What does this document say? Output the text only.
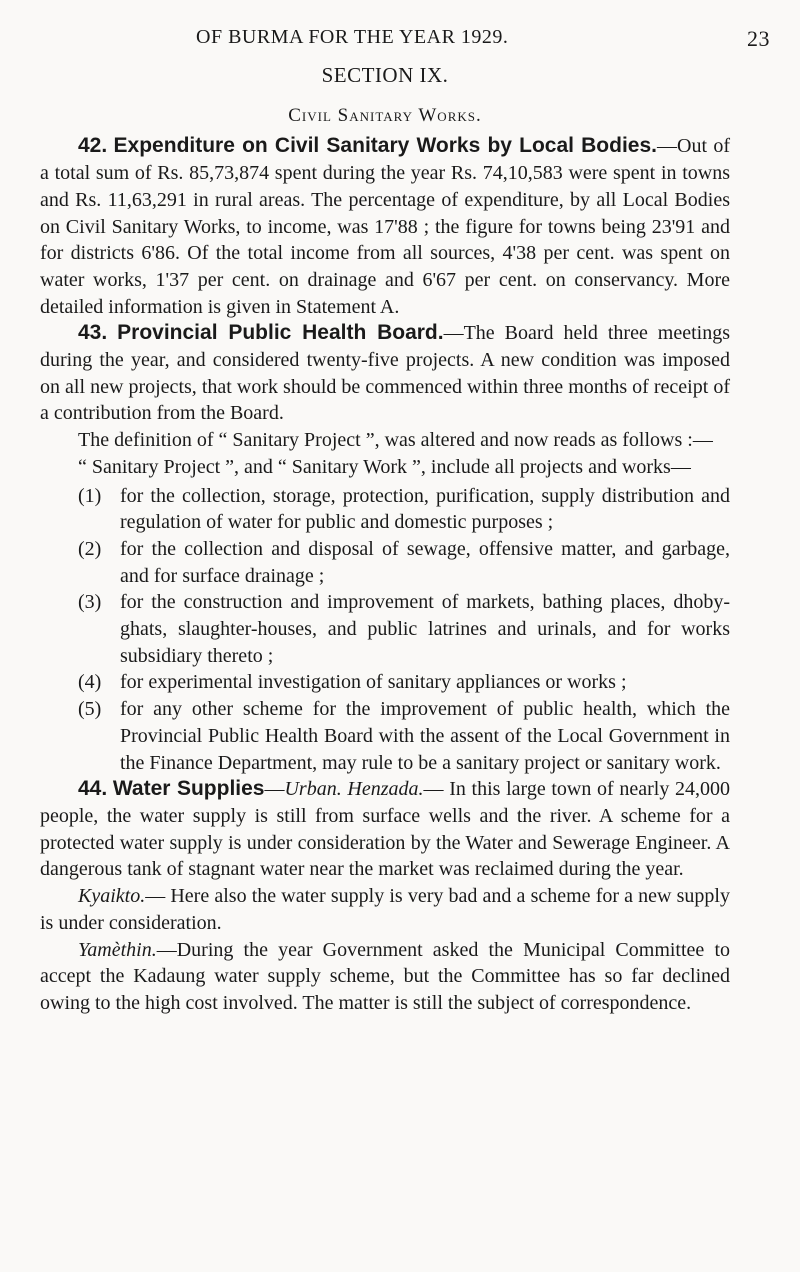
OF BURMA FOR THE YEAR 1929.	23
SECTION IX.
Civil Sanitary Works.

42. Expenditure on Civil Sanitary Works by Local Bodies.—Out of a total sum of Rs. 85,73,874 spent during the year Rs. 74,10,583 were spent in towns and Rs. 11,63,291 in rural areas. The percentage of expenditure, by all Local Bodies on Civil Sanitary Works, to income, was 17'88 ; the figure for towns being 23'91 and for districts 6'86. Of the total income from all sources, 4'38 per cent. was spent on water works, 1'37 per cent. on drainage and 6'67 per cent. on conservancy. More detailed information is given in Statement A.

43. Provincial Public Health Board.—The Board held three meetings during the year, and considered twenty-five projects. A new condition was imposed on all new projects, that work should be commenced within three months of receipt of a contribution from the Board.

The definition of “ Sanitary Project ”, was altered and now reads as follows :—

“ Sanitary Project ”, and “ Sanitary Work ”, include all projects and works—

(1) for the collection, storage, protection, purification, supply distribution and regulation of water for public and domestic purposes ;
(2) for the collection and disposal of sewage, offensive matter, and garbage, and for surface drainage ;
(3) for the construction and improvement of markets, bathing places, dhoby-ghats, slaughter-houses, and public latrines and urinals, and for works subsidiary thereto ;
(4) for experimental investigation of sanitary appliances or works ;
(5) for any other scheme for the improvement of public health, which the Provincial Public Health Board with the assent of the Local Government in the Finance Department, may rule to be a sanitary project or sanitary work.

44. Water Supplies—Urban. Henzada.— In this large town of nearly 24,000 people, the water supply is still from surface wells and the river. A scheme for a protected water supply is under consideration by the Water and Sewerage Engineer. A dangerous tank of stagnant water near the market was reclaimed during the year.

Kyaikto.— Here also the water supply is very bad and a scheme for a new supply is under consideration.

Yamèthin.—During the year Government asked the Municipal Committee to accept the Kadaung water supply scheme, but the Committee has so far declined owing to the high cost involved. The matter is still the subject of correspondence.
